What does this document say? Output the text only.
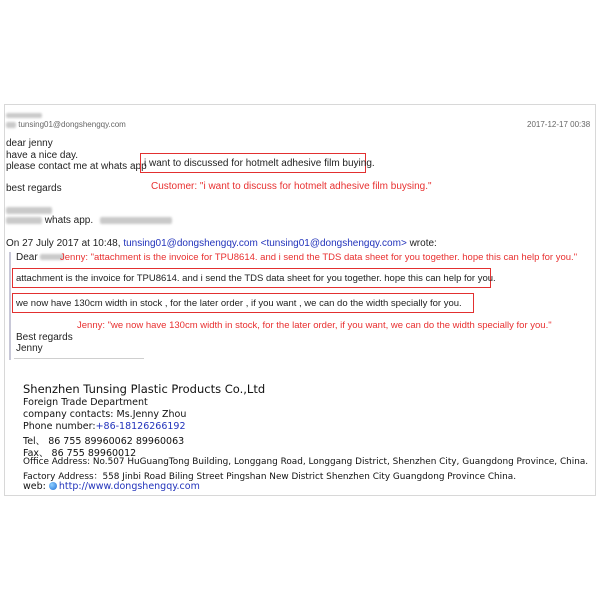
tunsing01@dongshengqy.com	2017-12-17 00:38
dear jenny
have a nice day.
please contact me at whats app
i want to discussed for hotmelt adhesive film buying.
best regards	Customer: "i want to discuss for hotmelt adhesive film buysing."
whats app.
On 27 July 2017 at 10:48, tunsing01@dongshengqy.com <tunsing01@dongshengqy.com> wrote:
Dear	Jenny: "attachment is the invoice for TPU8614. and i send the TDS data sheet for you together. hope this can help for you."
attachment is the invoice for TPU8614. and i send the TDS data sheet for you together. hope this can help for you.
we now have 130cm width in stock , for the later order , if you want , we can do the width specially for you.
Jenny: "we now have 130cm width in stock, for the later order, if you want, we can do the width specially for you."
Best regards
Jenny
Shenzhen Tunsing Plastic Products Co.,Ltd
Foreign Trade Department
company contacts: Ms.Jenny Zhou
Phone number:+86-18126266192
Tel、 86 755 89960062 89960063
Fax、 86 755 89960012
Office Address: No.507 HuGuangTong Building, Longgang Road, Longgang District, Shenzhen City, Guangdong Province, China.
Factory Address：558 Jinbi Road Biling Street Pingshan New District Shenzhen City Guangdong Province China.
web: http://www.dongshengqy.com
